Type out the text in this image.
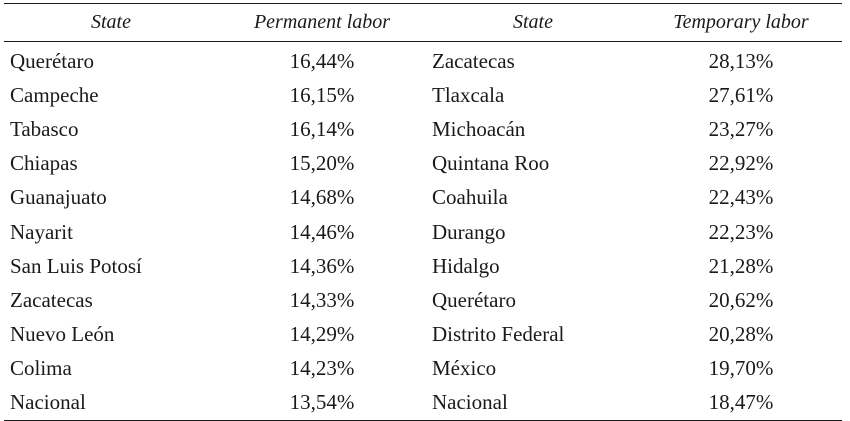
State	Permanent labor	State	Temporary labor
Querétaro	16,44%	Zacatecas	28,13%
Campeche	16,15%	Tlaxcala	27,61%
Tabasco	16,14%	Michoacán	23,27%
Chiapas	15,20%	Quintana Roo	22,92%
Guanajuato	14,68%	Coahuila	22,43%
Nayarit	14,46%	Durango	22,23%
San Luis Potosí	14,36%	Hidalgo	21,28%
Zacatecas	14,33%	Querétaro	20,62%
Nuevo León	14,29%	Distrito Federal	20,28%
Colima	14,23%	México	19,70%
Nacional	13,54%	Nacional	18,47%
